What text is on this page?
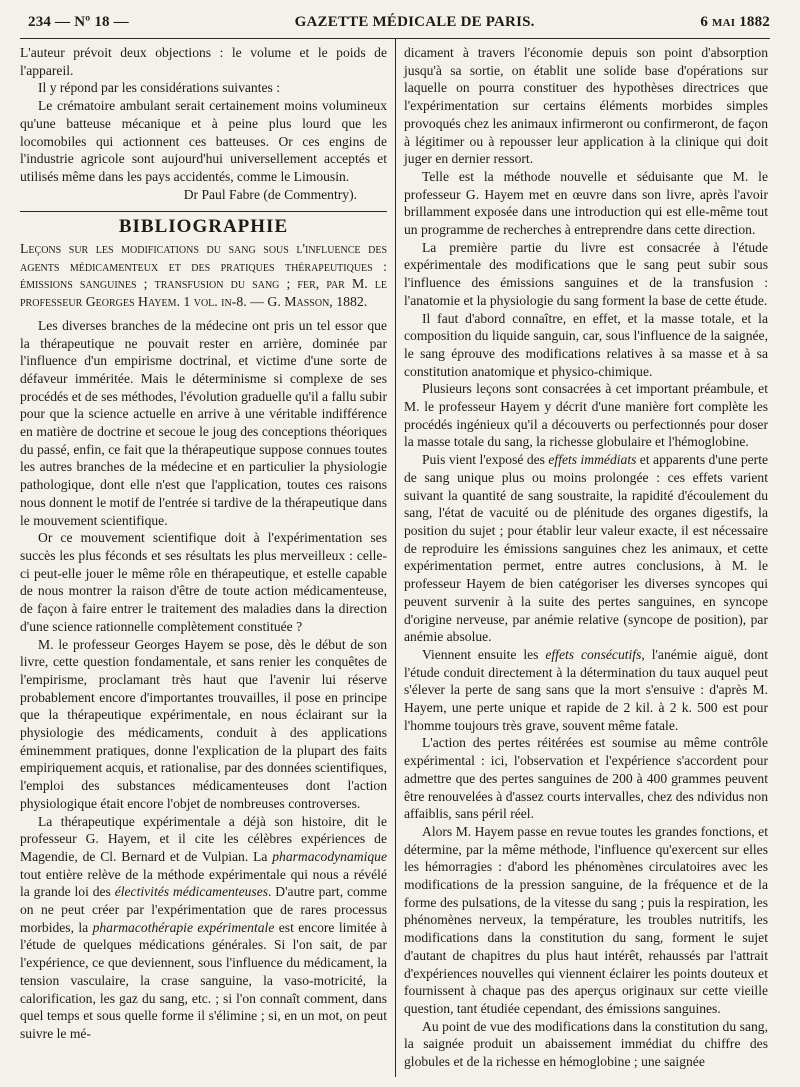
234 — Nº 18 —	GAZETTE MÉDICALE DE PARIS.	6 mai 1882

L'auteur prévoit deux objections : le volume et le poids de l'appareil.

Il y répond par les considérations suivantes :

Le crématoire ambulant serait certainement moins volumineux qu'une batteuse mécanique et à peine plus lourd que les locomobiles qui actionnent ces batteuses. Or ces engins de l'industrie agricole sont aujourd'hui universellement acceptés et utilisés même dans les pays accidentés, comme le Limousin.

Dr Paul Fabre (de Commentry).

BIBLIOGRAPHIE

Leçons sur les modifications du sang sous l'influence des agents médicamenteux et des pratiques thérapeutiques : émissions sanguines ; transfusion du sang ; fer, par M. le professeur Georges Hayem. 1 vol. in-8. — G. Masson, 1882.

Les diverses branches de la médecine ont pris un tel essor que la thérapeutique ne pouvait rester en arrière, dominée par l'influence d'un empirisme doctrinal, et victime d'une sorte de défaveur imméritée. Mais le déterminisme si complexe de ses procédés et de ses méthodes, l'évolution graduelle qu'il a fallu subir pour que la science actuelle en arrive à une véritable indifférence en matière de doctrine et secoue le joug des conceptions théoriques du passé, enfin, ce fait que la thérapeutique suppose connues toutes les autres branches de la médecine et en particulier la physiologie pathologique, dont elle n'est que l'application, toutes ces raisons nous donnent le motif de l'entrée si tardive de la thérapeutique dans le mouvement scientifique.

Or ce mouvement scientifique doit à l'expérimentation ses succès les plus féconds et ses résultats les plus merveilleux : celle-ci peut-elle jouer le même rôle en thérapeutique, et estelle capable de nous montrer la raison d'être de toute action médicamenteuse, de façon à faire entrer le traitement des maladies dans la direction d'une science rationnelle complètement constituée ?

M. le professeur Georges Hayem se pose, dès le début de son livre, cette question fondamentale, et sans renier les conquêtes de l'empirisme, proclamant très haut que l'avenir lui réserve probablement encore d'importantes trouvailles, il pose en principe que la thérapeutique expérimentale, en nous éclairant sur la physiologie des médicaments, conduit à des applications éminemment pratiques, donne l'explication de la plupart des faits empiriquement acquis, et rationalise, par des données scientifiques, l'emploi des substances médicamenteuses dont l'action physiologique était encore l'objet de nombreuses controverses.

La thérapeutique expérimentale a déjà son histoire, dit le professeur G. Hayem, et il cite les célèbres expériences de Magendie, de Cl. Bernard et de Vulpian. La pharmacodynamique tout entière relève de la méthode expérimentale qui nous a révélé la grande loi des électivités médicamenteuses. D'autre part, comme on ne peut créer par l'expérimentation que de rares processus morbides, la pharmacothérapie expérimentale est encore limitée à l'étude de quelques médications générales. Si l'on sait, de par l'expérience, ce que deviennent, sous l'influence du médicament, la tension vasculaire, la crase sanguine, la vaso-motricité, la calorification, les gaz du sang, etc. ; si l'on connaît comment, dans quel temps et sous quelle forme il s'élimine ; si, en un mot, on peut suivre le mé-

dicament à travers l'économie depuis son point d'absorption jusqu'à sa sortie, on établit une solide base d'opérations sur laquelle on pourra constituer des hypothèses directrices que l'expérimentation sur certains éléments morbides simples provoqués chez les animaux infirmeront ou confirmeront, de façon à légitimer ou à repousser leur application à la clinique qui doit juger en dernier ressort.

Telle est la méthode nouvelle et séduisante que M. le professeur G. Hayem met en œuvre dans son livre, après l'avoir brillamment exposée dans une introduction qui est elle-même tout un programme de recherches à entreprendre dans cette direction.

La première partie du livre est consacrée à l'étude expérimentale des modifications que le sang peut subir sous l'influence des émissions sanguines et de la transfusion : l'anatomie et la physiologie du sang forment la base de cette étude.

Il faut d'abord connaître, en effet, et la masse totale, et la composition du liquide sanguin, car, sous l'influence de la saignée, le sang éprouve des modifications relatives à sa masse et à sa constitution anatomique et physico-chimique.

Plusieurs leçons sont consacrées à cet important préambule, et M. le professeur Hayem y décrit d'une manière fort complète les procédés ingénieux qu'il a découverts ou perfectionnés pour doser la masse totale du sang, la richesse globulaire et l'hémoglobine.

Puis vient l'exposé des effets immédiats et apparents d'une perte de sang unique plus ou moins prolongée : ces effets varient suivant la quantité de sang soustraite, la rapidité d'écoulement du sang, l'état de vacuité ou de plénitude des organes digestifs, la position du sujet ; pour établir leur valeur exacte, il est nécessaire de reproduire les émissions sanguines chez les animaux, et cette expérimentation permet, entre autres conclusions, à M. le professeur Hayem de bien catégoriser les diverses syncopes qui peuvent survenir à la suite des pertes sanguines, en syncope d'origine nerveuse, par anémie relative (syncope de position), par anémie absolue.

Viennent ensuite les effets consécutifs, l'anémie aiguë, dont l'étude conduit directement à la détermination du taux auquel peut s'élever la perte de sang sans que la mort s'ensuive : d'après M. Hayem, une perte unique et rapide de 2 kil. à 2 k. 500 est pour l'homme toujours très grave, souvent même fatale.

L'action des pertes réitérées est soumise au même contrôle expérimental : ici, l'observation et l'expérience s'accordent pour admettre que des pertes sanguines de 200 à 400 grammes peuvent être renouvelées à d'assez courts intervalles, chez des ndividus non affaiblis, sans péril réel.

Alors M. Hayem passe en revue toutes les grandes fonctions, et détermine, par la même méthode, l'influence qu'exercent sur elles les hémorragies : d'abord les phénomènes circulatoires avec les modifications de la pression sanguine, de la fréquence et de la forme des pulsations, de la vitesse du sang ; puis la respiration, les phénomènes nerveux, la température, les troubles nutritifs, les modifications dans la constitution du sang, forment le sujet d'autant de chapitres du plus haut intérêt, rehaussés par l'attrait d'expériences nouvelles qui viennent éclairer les points douteux et fournissent à chaque pas des aperçus originaux sur cette vieille question, tant étudiée cependant, des émissions sanguines.

Au point de vue des modifications dans la constitution du sang, la saignée produit un abaissement immédiat du chiffre des globules et de la richesse en hémoglobine ; une saignée
